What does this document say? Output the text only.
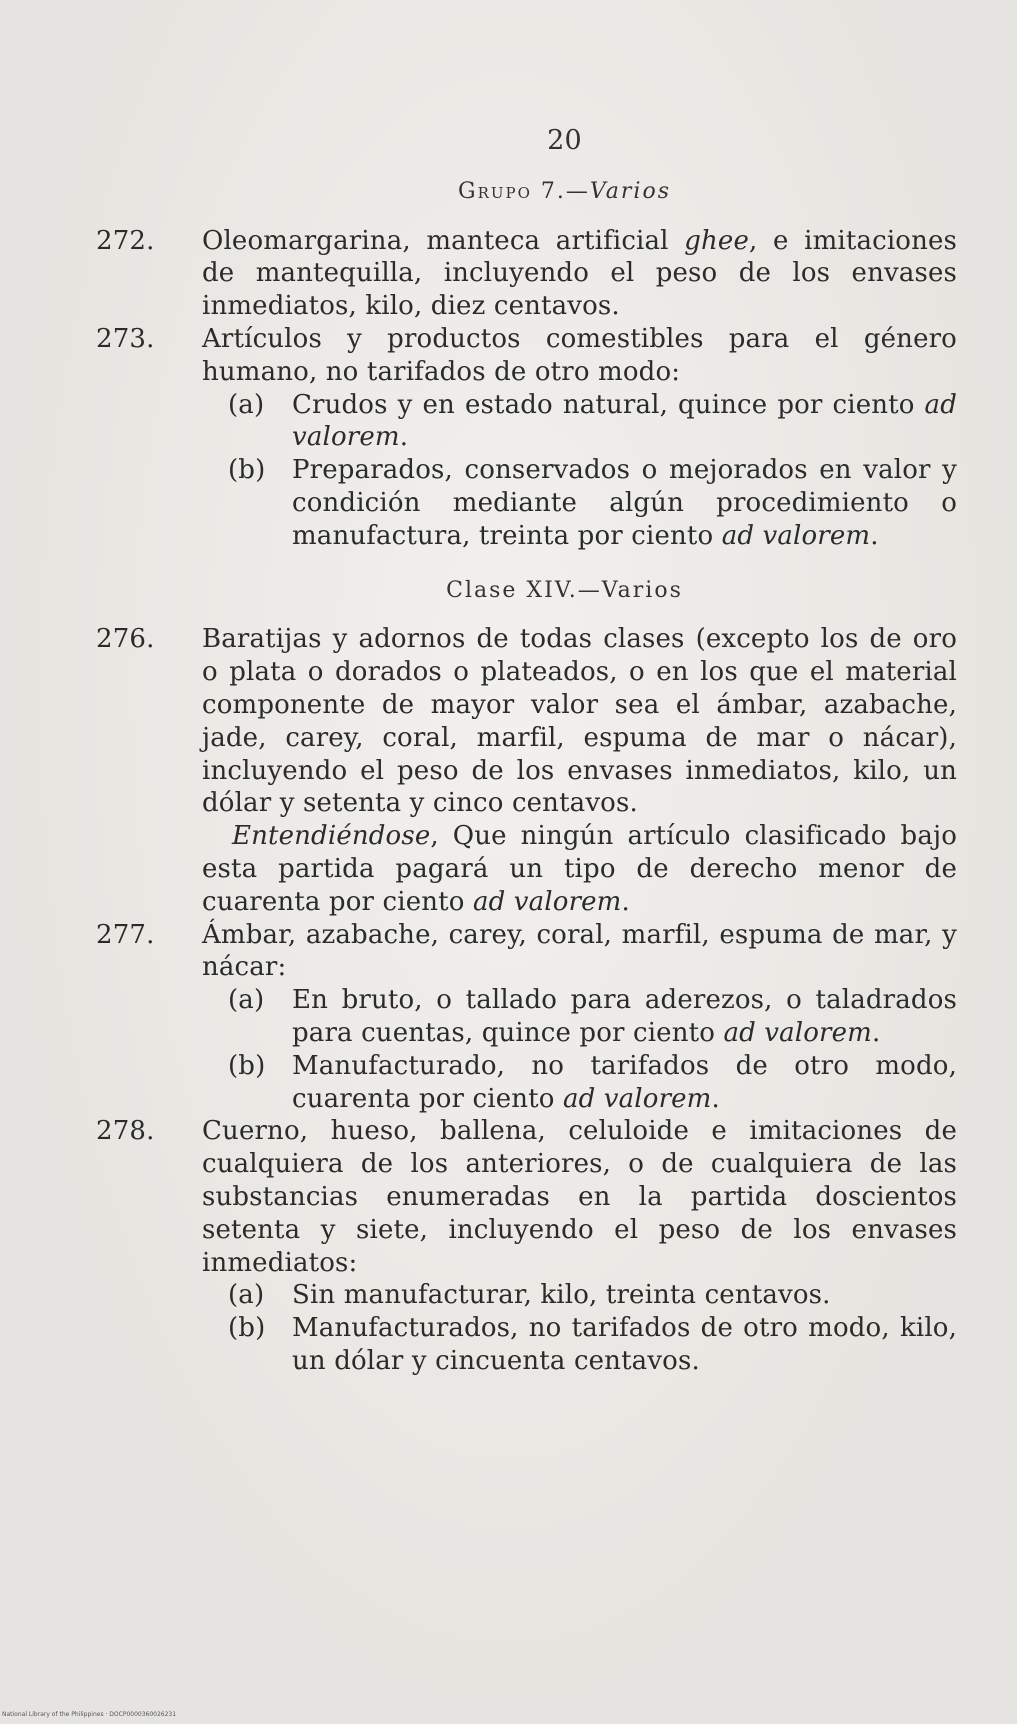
20
Grupo 7.—Varios
272.	Oleomargarina, manteca artificial ghee, e imitaciones de mantequilla, incluyendo el peso de los envases inmediatos, kilo, diez centavos.

273.	Artículos y productos comestibles para el género humano, no tarifados de otro modo:

(a) Crudos y en estado natural, quince por ciento ad valorem.

(b) Preparados, conservados o mejorados en valor y condición mediante algún procedimiento o manufactura, treinta por ciento ad valorem.

Clase XIV.—Varios
276.	Baratijas y adornos de todas clases (excepto los de oro o plata o dorados o plateados, o en los que el material componente de mayor valor sea el ámbar, azabache, jade, carey, coral, marfil, espuma de mar o nácar), incluyendo el peso de los envases inmediatos, kilo, un dólar y setenta y cinco centavos.

Entendiéndose, Que ningún artículo clasificado bajo esta partida pagará un tipo de derecho menor de cuarenta por ciento ad valorem.

277.	Ámbar, azabache, carey, coral, marfil, espuma de mar, y nácar:

(a) En bruto, o tallado para aderezos, o taladrados para cuentas, quince por ciento ad valorem.

(b) Manufacturado, no tarifados de otro modo, cuarenta por ciento ad valorem.

278.	Cuerno, hueso, ballena, celuloide e imitaciones de cualquiera de los anteriores, o de cualquiera de las substancias enumeradas en la partida doscientos setenta y siete, incluyendo el peso de los envases inmediatos:

(a) Sin manufacturar, kilo, treinta centavos.

(b) Manufacturados, no tarifados de otro modo, kilo, un dólar y cincuenta centavos.

National Library of the Philippines · DOCP0000360026231
